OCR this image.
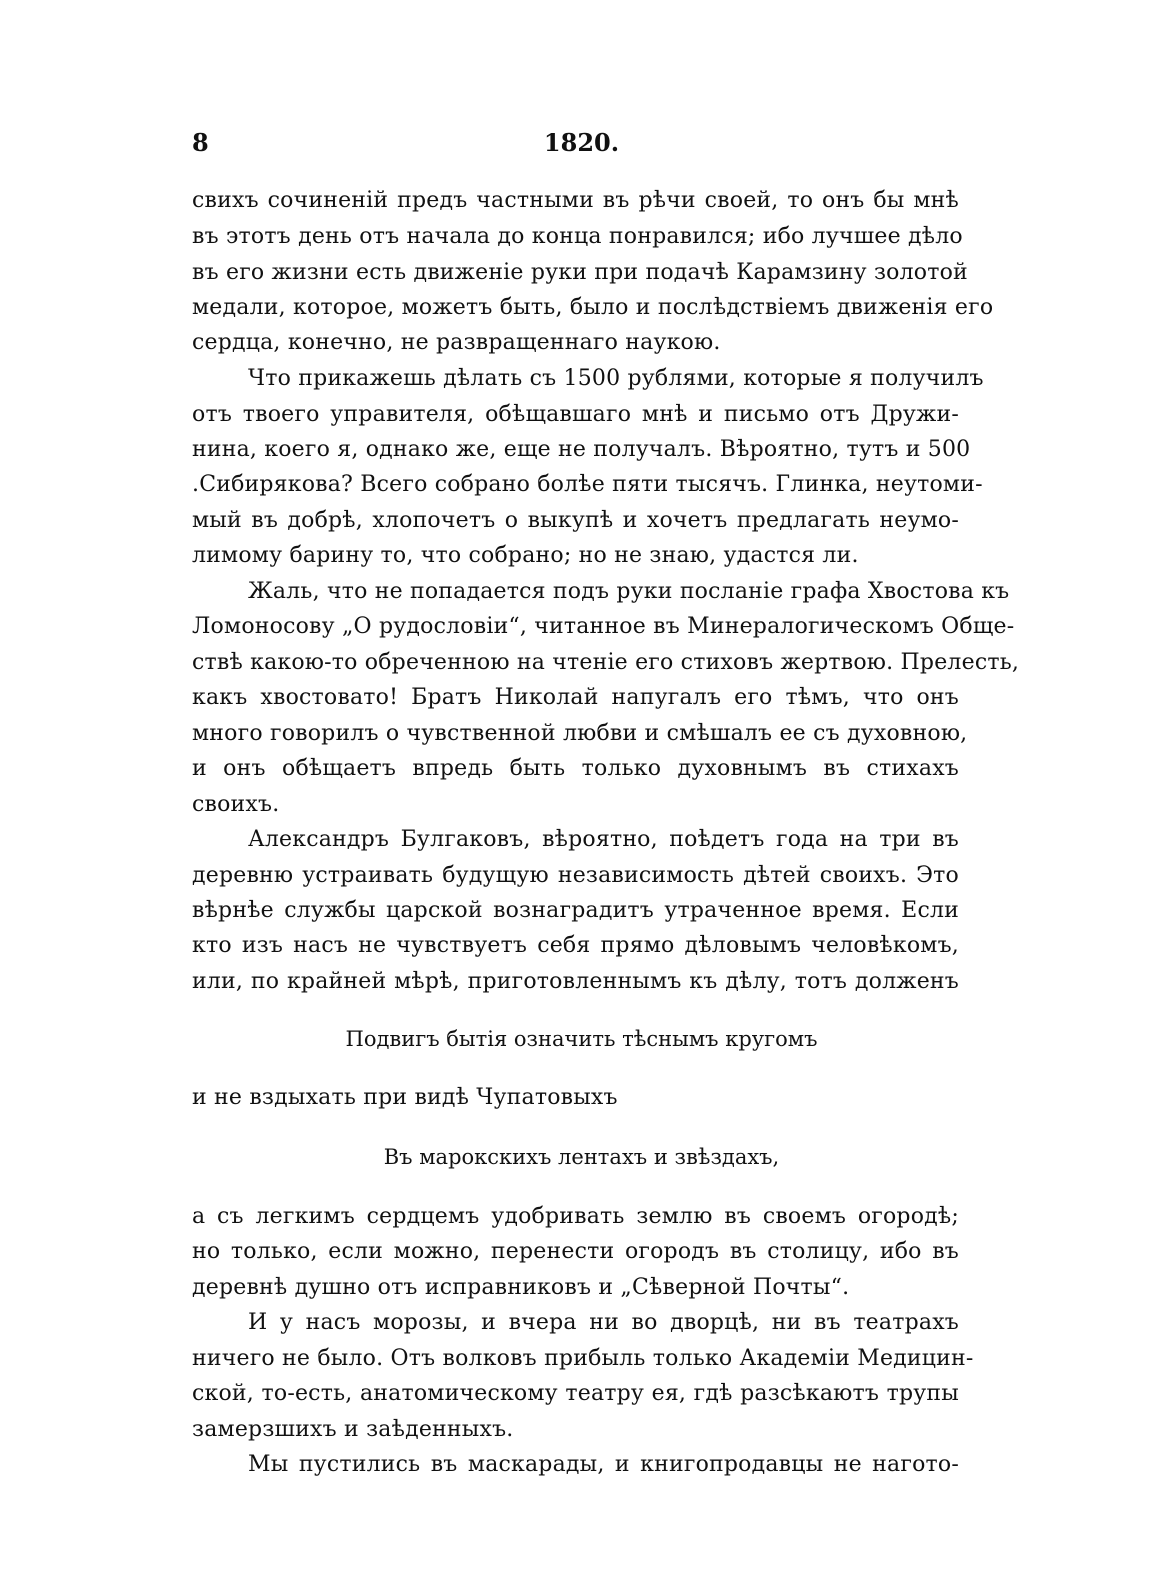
8	1820.
свихъ сочиненій предъ частными въ рѣчи своей, то онъ бы мнѣ
въ этотъ день отъ начала до конца понравился; ибо лучшее дѣло
въ его жизни есть движеніе руки при подачѣ Карамзину золотой
медали, которое, можетъ быть, было и послѣдствіемъ движенія его
сердца, конечно, не развращеннаго наукою.
Что прикажешь дѣлать съ 1500 рублями, которые я получилъ
отъ твоего управителя, обѣщавшаго мнѣ и письмо отъ Дружи-
нина, коего я, однако же, еще не получалъ. Вѣроятно, тутъ и 500
.Сибирякова? Всего собрано болѣе пяти тысячъ. Глинка, неутоми-
мый въ добрѣ, хлопочетъ о выкупѣ и хочетъ предлагать неумо-
лимому барину то, что собрано; но не знаю, удастся ли.
Жаль, что не попадается подъ руки посланіе графа Хвостова къ
Ломоносову „О рудословіи“, читанное въ Минералогическомъ Обще-
ствѣ какою-то обреченною на чтеніе его стиховъ жертвою. Прелесть,
какъ хвостовато! Братъ Николай напугалъ его тѣмъ, что онъ
много говорилъ о чувственной любви и смѣшалъ ее съ духовною,
и онъ обѣщаетъ впредь быть только духовнымъ въ стихахъ
своихъ.
Александръ Булгаковъ, вѣроятно, поѣдетъ года на три въ
деревню устраивать будущую независимость дѣтей своихъ. Это
вѣрнѣе службы царской вознаградитъ утраченное время. Если
кто изъ насъ не чувствуетъ себя прямо дѣловымъ человѣкомъ,
или, по крайней мѣрѣ, приготовленнымъ къ дѣлу, тотъ долженъ
Подвигъ бытія означить тѣснымъ кругомъ
и не вздыхать при видѣ Чупатовыхъ
Въ марокскихъ лентахъ и звѣздахъ,
а съ легкимъ сердцемъ удобривать землю въ своемъ огородѣ;
но только, если можно, перенести огородъ въ столицу, ибо въ
деревнѣ душно отъ исправниковъ и „Сѣверной Почты“.
И у насъ морозы, и вчера ни во дворцѣ, ни въ театрахъ
ничего не было. Отъ волковъ прибыль только Академіи Медицин-
ской, то-есть, анатомическому театру ея, гдѣ разсѣкаютъ трупы
замерзшихъ и заѣденныхъ.
Мы пустились въ маскарады, и книгопродавцы не нагото-
